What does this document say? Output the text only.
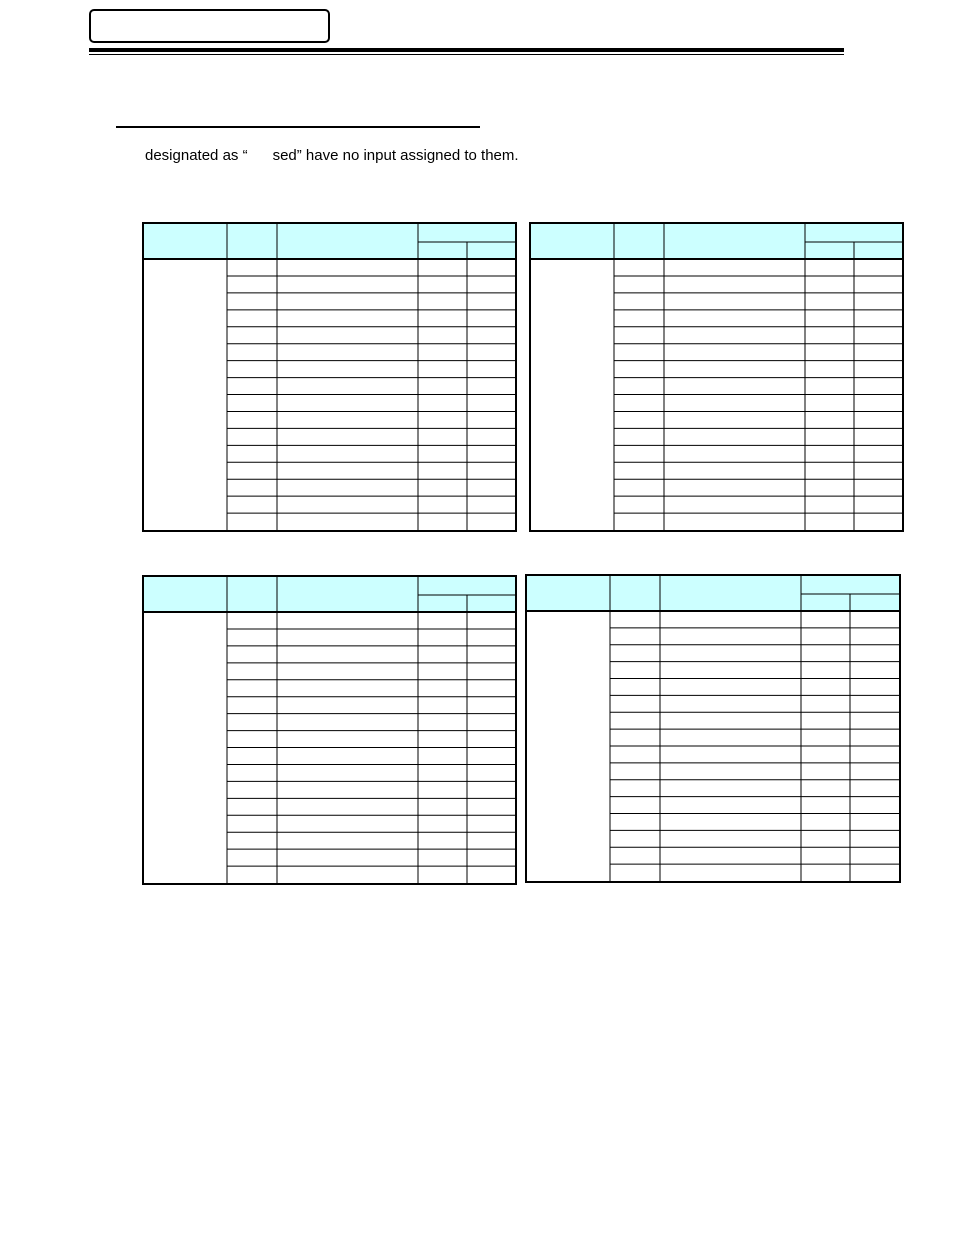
designated as “      sed” have no input assigned to them.
